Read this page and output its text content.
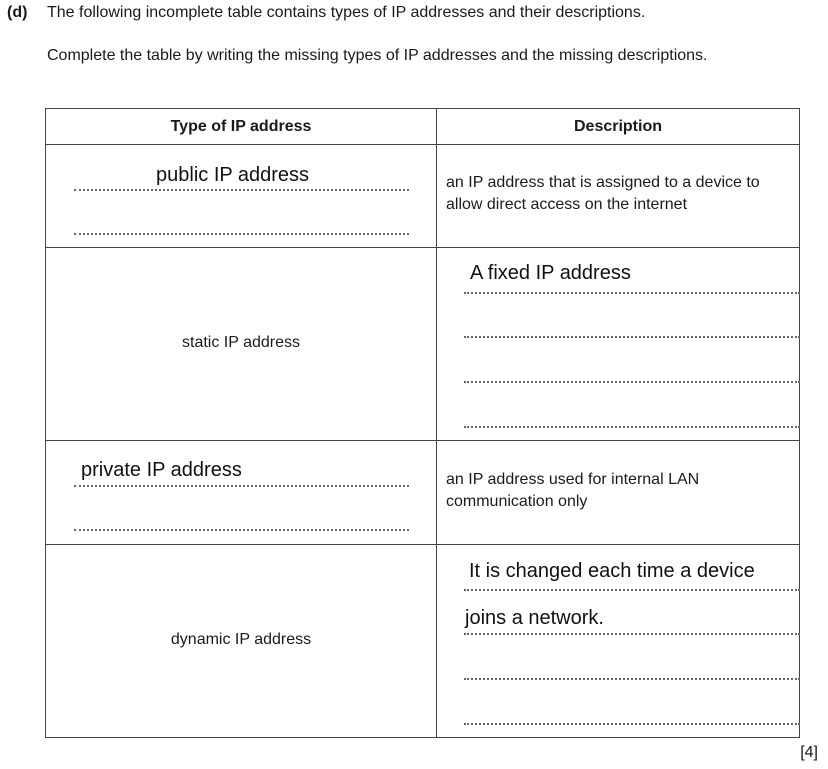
(d) The following incomplete table contains types of IP addresses and their descriptions.
Complete the table by writing the missing types of IP addresses and the missing descriptions.
Type of IP address	Description

public IP address	an IP address that is assigned to a device to allow direct access on the internet

static IP address	A fixed IP address

private IP address	an IP address used for internal LAN communication only

dynamic IP address	It is changed each time a device
joins a network.
[4]
